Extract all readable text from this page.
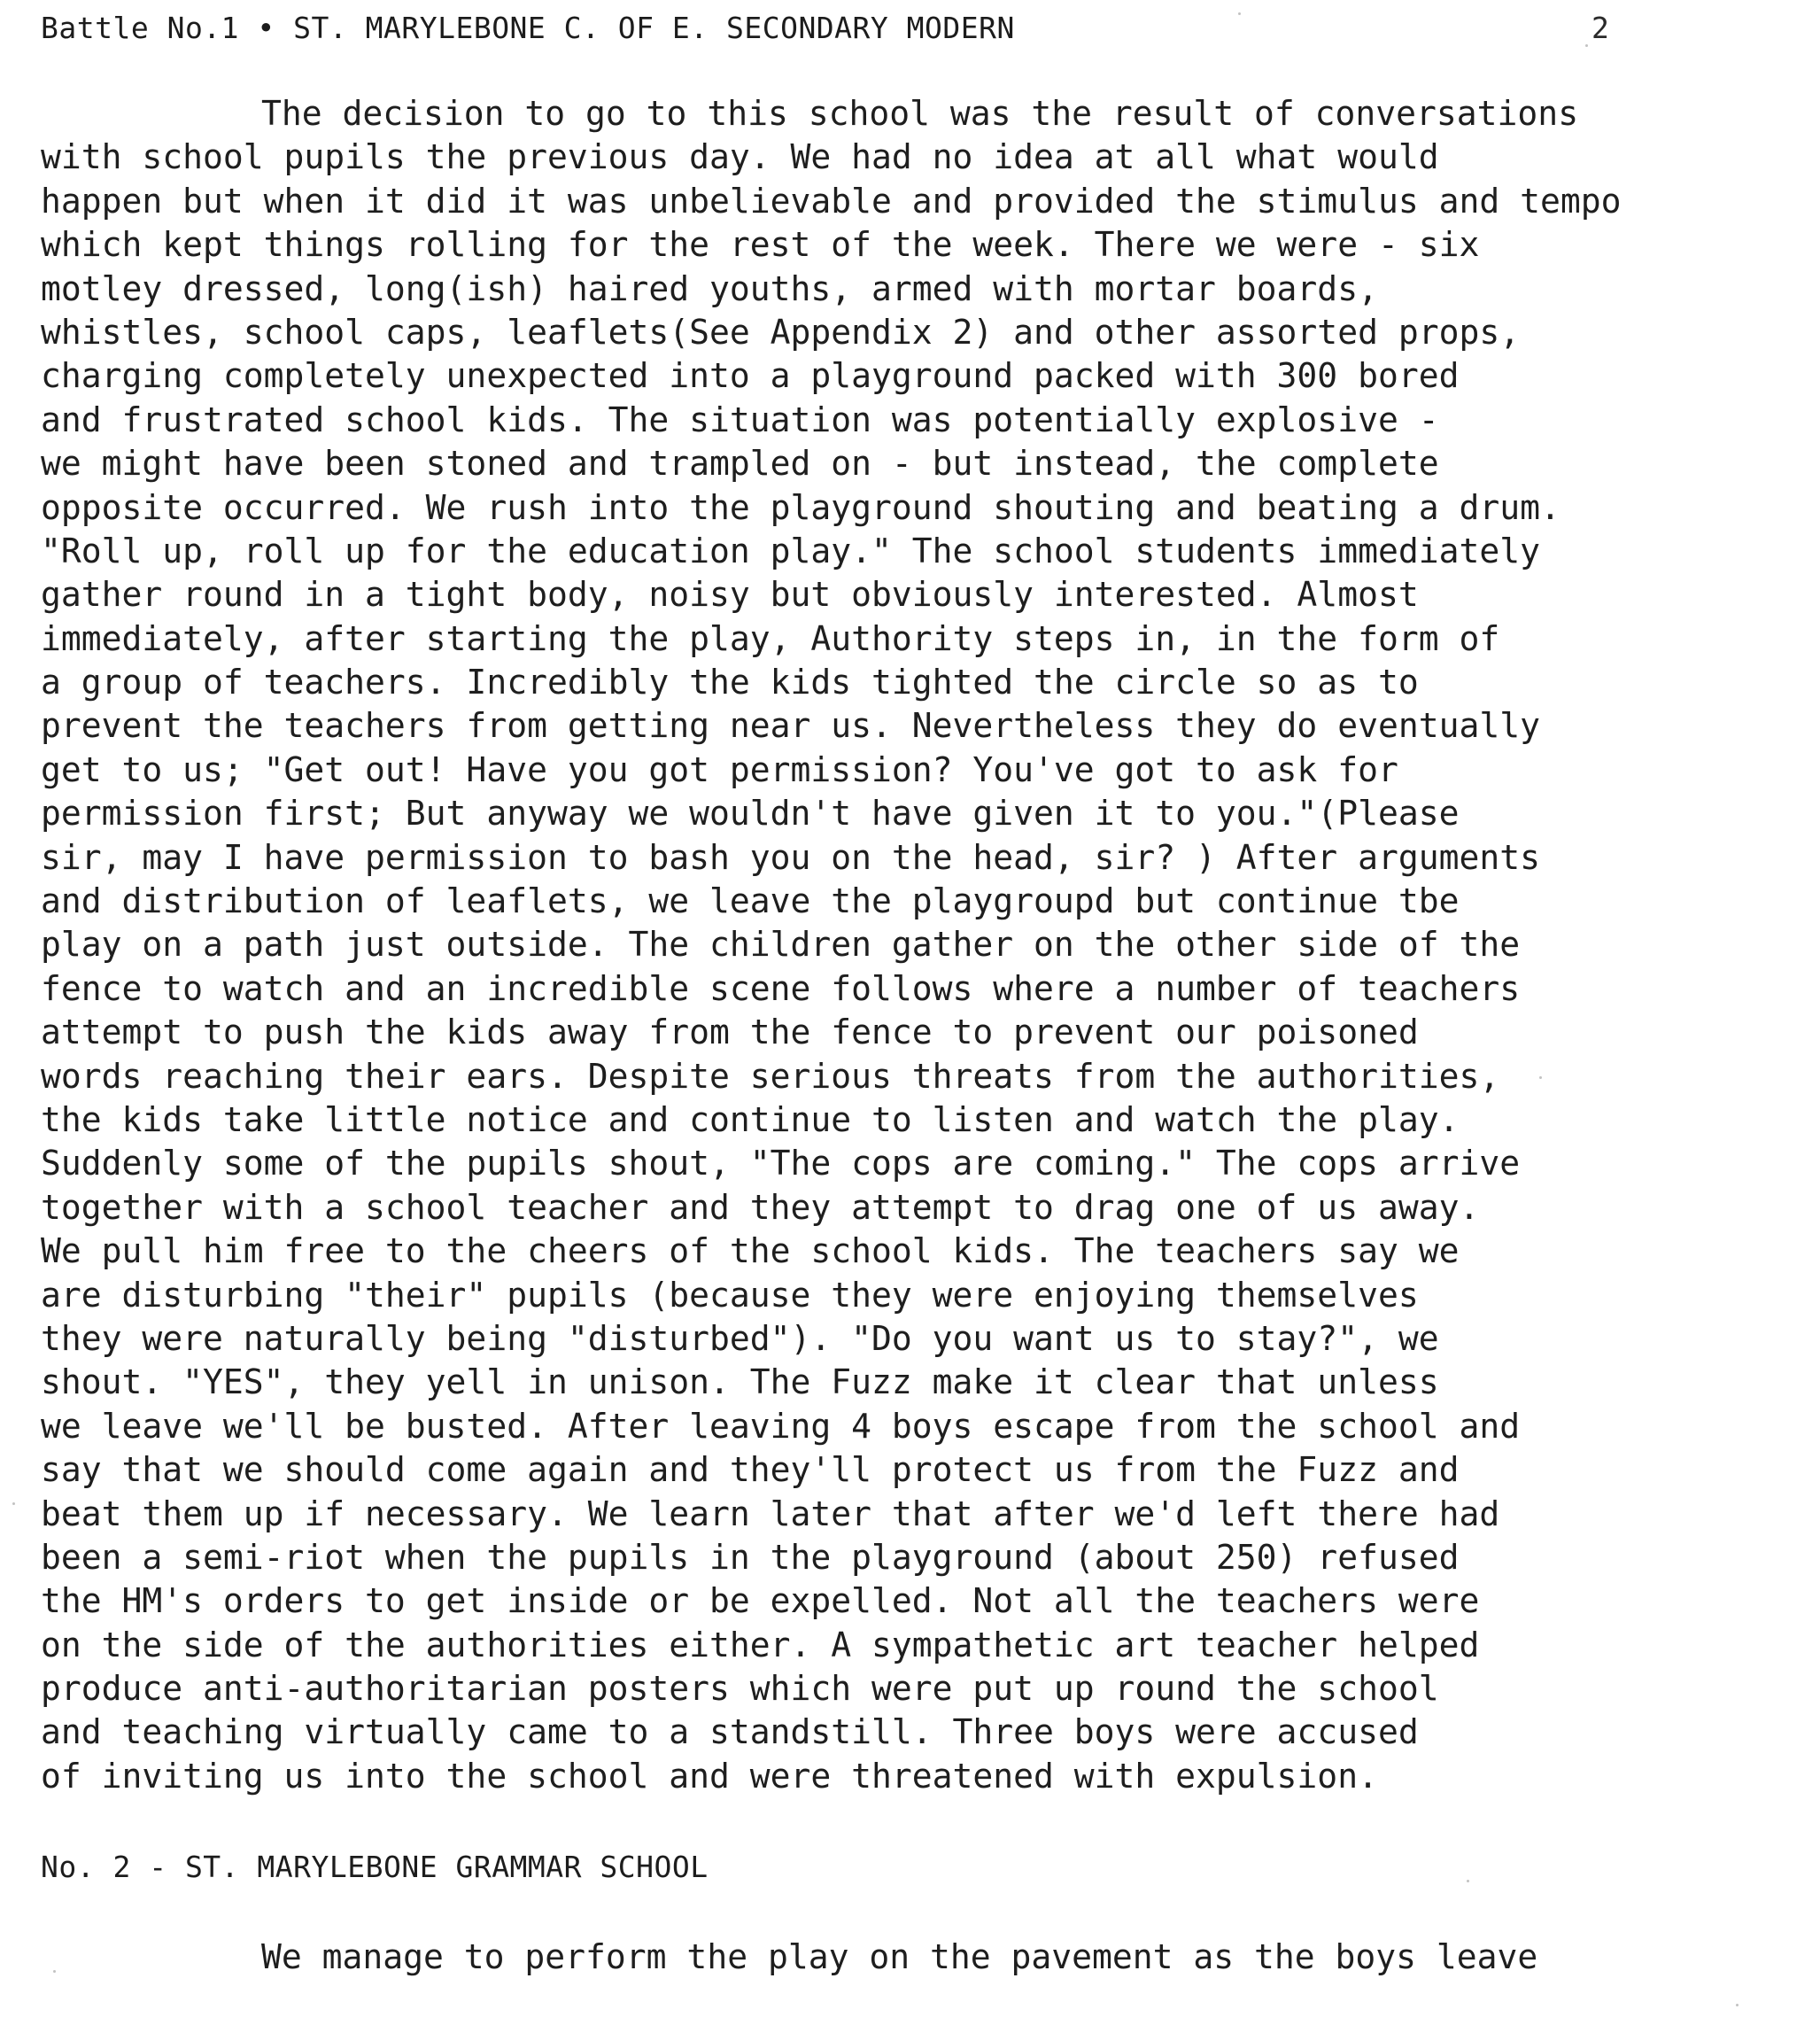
Battle No.1 • ST. MARYLEBONE C. OF E. SECONDARY MODERN	2
The decision to go to this school was the result of conversations
with school pupils the previous day. We had no idea at all what would
happen but when it did it was unbelievable and provided the stimulus and tempo
which kept things rolling for the rest of the week. There we were - six
motley dressed, long(ish) haired youths, armed with mortar boards,
whistles, school caps, leaflets(See Appendix 2) and other assorted props,
charging completely unexpected into a playground packed with 300 bored
and frustrated school kids. The situation was potentially explosive -
we might have been stoned and trampled on - but instead, the complete
opposite occurred. We rush into the playground shouting and beating a drum.
"Roll up, roll up for the education play." The school students immediately
gather round in a tight body, noisy but obviously interested. Almost
immediately, after starting the play, Authority steps in, in the form of
a group of teachers. Incredibly the kids tighted the circle so as to
prevent the teachers from getting near us. Nevertheless they do eventually
get to us; "Get out! Have you got permission? You've got to ask for
permission first; But anyway we wouldn't have given it to you."(Please
sir, may I have permission to bash you on the head, sir? ) After arguments
and distribution of leaflets, we leave the playgroupd but continue tbe
play on a path just outside. The children gather on the other side of the
fence to watch and an incredible scene follows where a number of teachers
attempt to push the kids away from the fence to prevent our poisoned
words reaching their ears. Despite serious threats from the authorities,
the kids take little notice and continue to listen and watch the play.
Suddenly some of the pupils shout, "The cops are coming." The cops arrive
together with a school teacher and they attempt to drag one of us away.
We pull him free to the cheers of the school kids. The teachers say we
are disturbing "their" pupils (because they were enjoying themselves
they were naturally being "disturbed"). "Do you want us to stay?", we
shout. "YES", they yell in unison. The Fuzz make it clear that unless
we leave we'll be busted. After leaving 4 boys escape from the school and
say that we should come again and they'll protect us from the Fuzz and
beat them up if necessary. We learn later that after we'd left there had
been a semi-riot when the pupils in the playground (about 250) refused
the HM's orders to get inside or be expelled. Not all the teachers were
on the side of the authorities either. A sympathetic art teacher helped
produce anti-authoritarian posters which were put up round the school
and teaching virtually came to a standstill. Three boys were accused
of inviting us into the school and were threatened with expulsion.
No. 2 - ST. MARYLEBONE GRAMMAR SCHOOL
We manage to perform the play on the pavement as the boys leave
